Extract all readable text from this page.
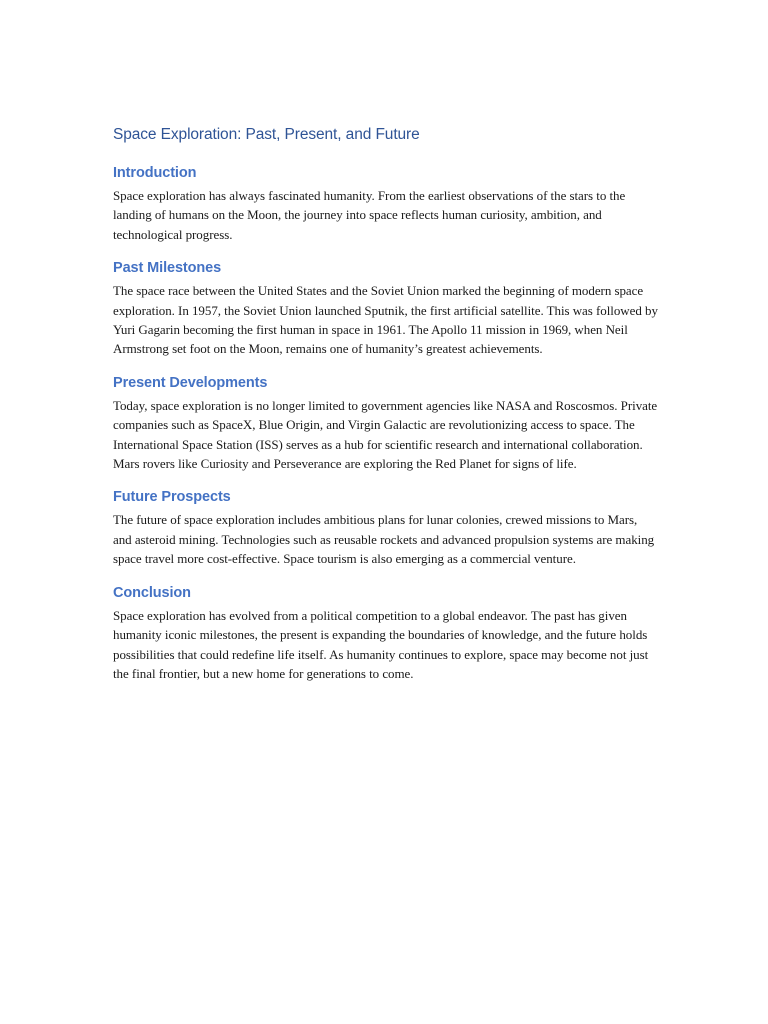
Space Exploration: Past, Present, and Future
Introduction

Space exploration has always fascinated humanity. From the earliest observations of the stars to the landing of humans on the Moon, the journey into space reflects human curiosity, ambition, and technological progress.

Past Milestones

The space race between the United States and the Soviet Union marked the beginning of modern space exploration. In 1957, the Soviet Union launched Sputnik, the first artificial satellite. This was followed by Yuri Gagarin becoming the first human in space in 1961. The Apollo 11 mission in 1969, when Neil Armstrong set foot on the Moon, remains one of humanity’s greatest achievements.

Present Developments

Today, space exploration is no longer limited to government agencies like NASA and Roscosmos. Private companies such as SpaceX, Blue Origin, and Virgin Galactic are revolutionizing access to space. The International Space Station (ISS) serves as a hub for scientific research and international collaboration. Mars rovers like Curiosity and Perseverance are exploring the Red Planet for signs of life.

Future Prospects

The future of space exploration includes ambitious plans for lunar colonies, crewed missions to Mars, and asteroid mining. Technologies such as reusable rockets and advanced propulsion systems are making space travel more cost-effective. Space tourism is also emerging as a commercial venture.

Conclusion

Space exploration has evolved from a political competition to a global endeavor. The past has given humanity iconic milestones, the present is expanding the boundaries of knowledge, and the future holds possibilities that could redefine life itself. As humanity continues to explore, space may become not just the final frontier, but a new home for generations to come.
